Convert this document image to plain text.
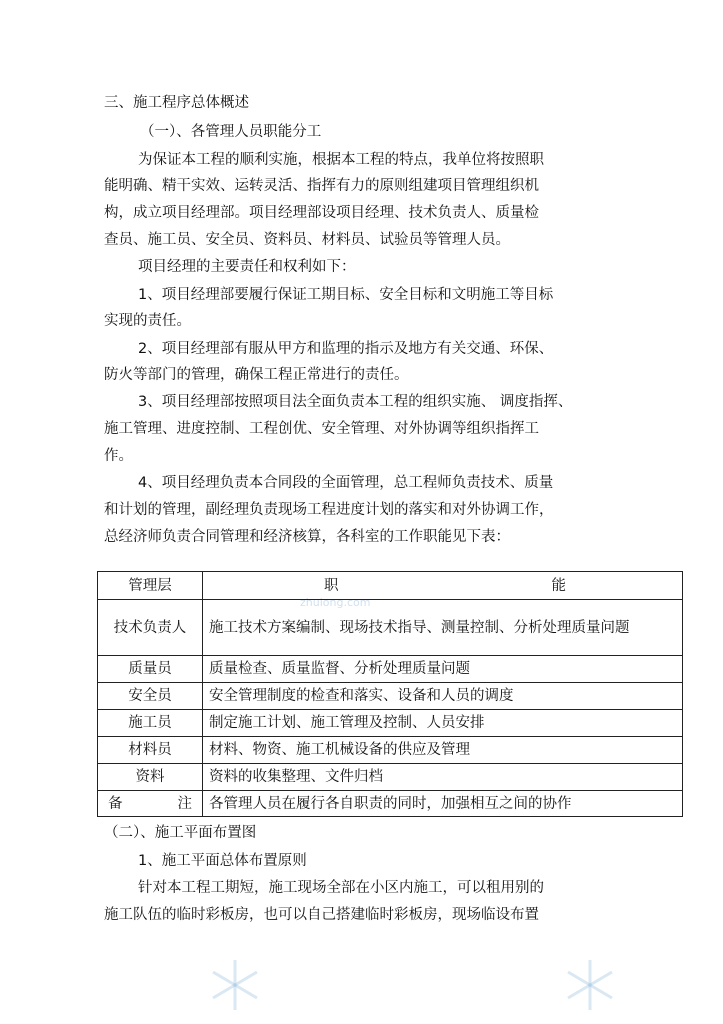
zhulong.com
三、施工程序总体概述
（一）、各管理人员职能分工
为保证本工程的顺利实施，根据本工程的特点，我单位将按照职
能明确、精干实效、运转灵活、指挥有力的原则组建项目管理组织机
构，成立项目经理部。项目经理部设项目经理、技术负责人、质量检
查员、施工员、安全员、资料员、材料员、试验员等管理人员。
项目经理的主要责任和权利如下：
1、项目经理部要履行保证工期目标、安全目标和文明施工等目标
实现的责任。
2、项目经理部有服从甲方和监理的指示及地方有关交通、环保、
防火等部门的管理，确保工程正常进行的责任。
3、项目经理部按照项目法全面负责本工程的组织实施、 调度指挥、
施工管理、进度控制、工程创优、安全管理、对外协调等组织指挥工
作。
4、项目经理负责本合同段的全面管理，总工程师负责技术、质量
和计划的管理，副经理负责现场工程进度计划的落实和对外协调工作，
总经济师负责合同管理和经济核算，各科室的工作职能见下表：
管理层	职 能

技术负责人	施工技术方案编制、现场技术指导、测量控制、分析处理质量问题
质量员	质量检查、质量监督、分析处理质量问题
安全员	安全管理制度的检查和落实、设备和人员的调度
施工员	制定施工计划、施工管理及控制、人员安排
材料员	材料、物资、施工机械设备的供应及管理
资料	资料的收集整理、文件归档

备 注	各管理人员在履行各自职责的同时，加强相互之间的协作
（二）、施工平面布置图
1、施工平面总体布置原则
针对本工程工期短，施工现场全部在小区内施工，可以租用别的
施工队伍的临时彩板房，也可以自己搭建临时彩板房，现场临设布置
